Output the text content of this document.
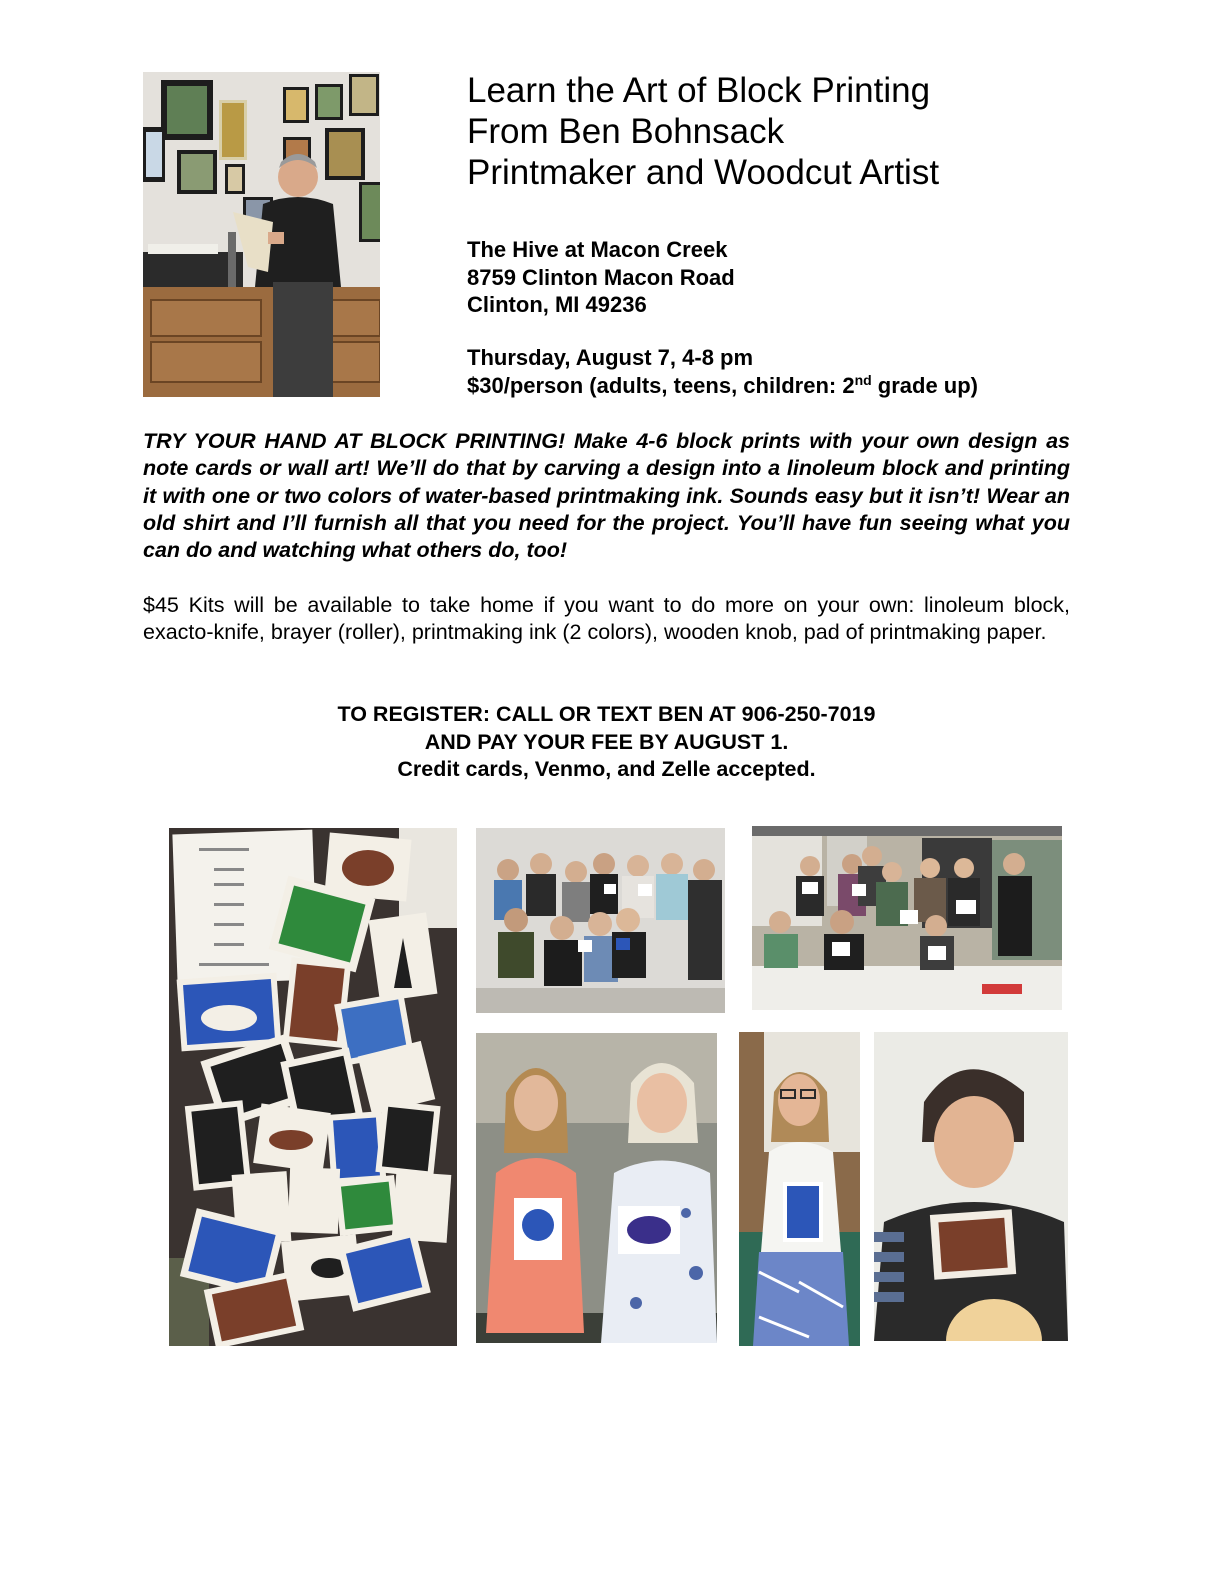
Learn the Art of Block Printing
From Ben Bohnsack
Printmaker and Woodcut Artist
The Hive at Macon Creek
8759 Clinton Macon Road
Clinton, MI 49236
Thursday, August 7, 4-8 pm
$30/person (adults, teens, children: 2nd grade up)

TRY YOUR HAND AT BLOCK PRINTING! Make 4-6 block prints with your own design as note cards or wall art! We’ll do that by carving a design into a linoleum block and printing it with one or two colors of water-based printmaking ink. Sounds easy but it isn’t! Wear an old shirt and I’ll furnish all that you need for the project. You’ll have fun seeing what you can do and watching what others do, too!

$45 Kits will be available to take home if you want to do more on your own: linoleum block, exacto-knife, brayer (roller), printmaking ink (2 colors), wooden knob, pad of printmaking paper.

TO REGISTER: CALL OR TEXT BEN AT 906-250-7019
AND PAY YOUR FEE BY AUGUST 1.
Credit cards, Venmo, and Zelle accepted.
